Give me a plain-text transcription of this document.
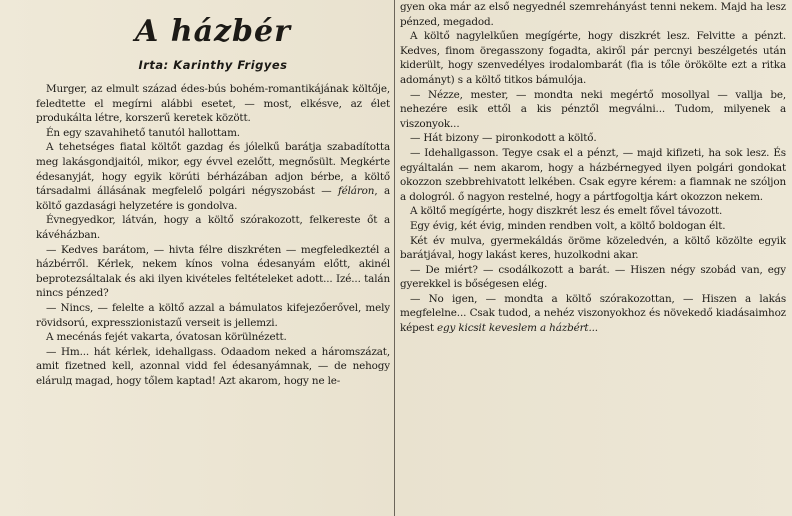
A házbér
Irta: Karinthy Frigyes

Murger, az elmult század édes-bús bohém-romantikájának költője, feledtette el megírni alábbi esetet, — most, elkésve, az élet produkálta létre, korszerű keretek között.

Én egy szavahihető tanutól hallottam.

A tehetséges fiatal költőt gazdag és jólelkű barátja szabadította meg lakásgondjaitól, mikor, egy évvel ezelőtt, megnősült. Megkérte édesanyját, hogy egyik körúti bérházában adjon bérbe, a költő társadalmi állásának megfelelő polgári négyszobást — féláron, a költő gazdasági helyzetére is gondolva.

Évnegyedkor, látván, hogy a költő szórakozott, felkereste őt a kávéházban.

— Kedves barátom, — hivta félre diszkréten — megfeledkeztél a házbérről. Kérlek, nekem kínos volna édesanyám előtt, akinél beprotezsáltalak és aki ilyen kivételes feltételeket adott... Izé... talán nincs pénzed?

— Nincs, — felelte a költő azzal a bámulatos kifejezőerővel, mely rövidsorú, expresszionistazű verseit is jellemzi.

A mecénás fejét vakarta, óvatosan körülnézett.

— Hm... hát kérlek, idehallgass. Odaadom neked a háromszázat, amit fizetned kell, azonnal vidd fel édesanyámnak, — de nehogy elárulд magad, hogy tőlem kaptad! Azt akarom, hogy ne le-

gyen oka már az első negyednél szemrehányást tenni nekem. Majd ha lesz pénzed, megadod.

A költő nagylelkűen megígérte, hogy diszkrét lesz. Felvitte a pénzt. Kedves, finom öregasszony fogadta, akiről pár percnyi beszélgetés után kiderült, hogy szenvedélyes irodalombarát (fia is tőle örökölte ezt a ritka adományt) s a költő titkos bámulója.

— Nézze, mester, — mondta neki megértő mosollyal — vallja be, nehezére esik ettől a kis pénztől megválni... Tudom, milyenek a viszonyok...

— Hát bizony — pironkodott a költő.

— Idehallgasson. Tegye csak el a pénzt, — majd kifizeti, ha sok lesz. És egyáltalán — nem akarom, hogy a házbérnegyed ilyen polgári gondokat okozzon szebbrehivatott lelkében. Csak egyre kérem: a fiamnak ne szóljon a dologról. ő nagyon restelné, hogy a pártfogoltja kárt okozzon nekem.

A költő megígérte, hogy diszkrét lesz és emelt fővel távozott.

Egy évig, két évig, minden rendben volt, a költő boldogan élt.

Két év mulva, gyermekáldás öröme közeledvén, a költő közölte egyik barátjával, hogy lakást keres, huzolkodni akar.

— De miért? — csodálkozott a barát. — Hiszen négy szobád van, egy gyerekkel is bőségesen elég.

— No igen, — mondta a költő szórakozottan, — Hiszen a lakás megfelelne... Csak tudod, a nehéz viszonyokhoz és növekedő kiadásaimhoz képest egy kicsit kevеslem a házbért...
